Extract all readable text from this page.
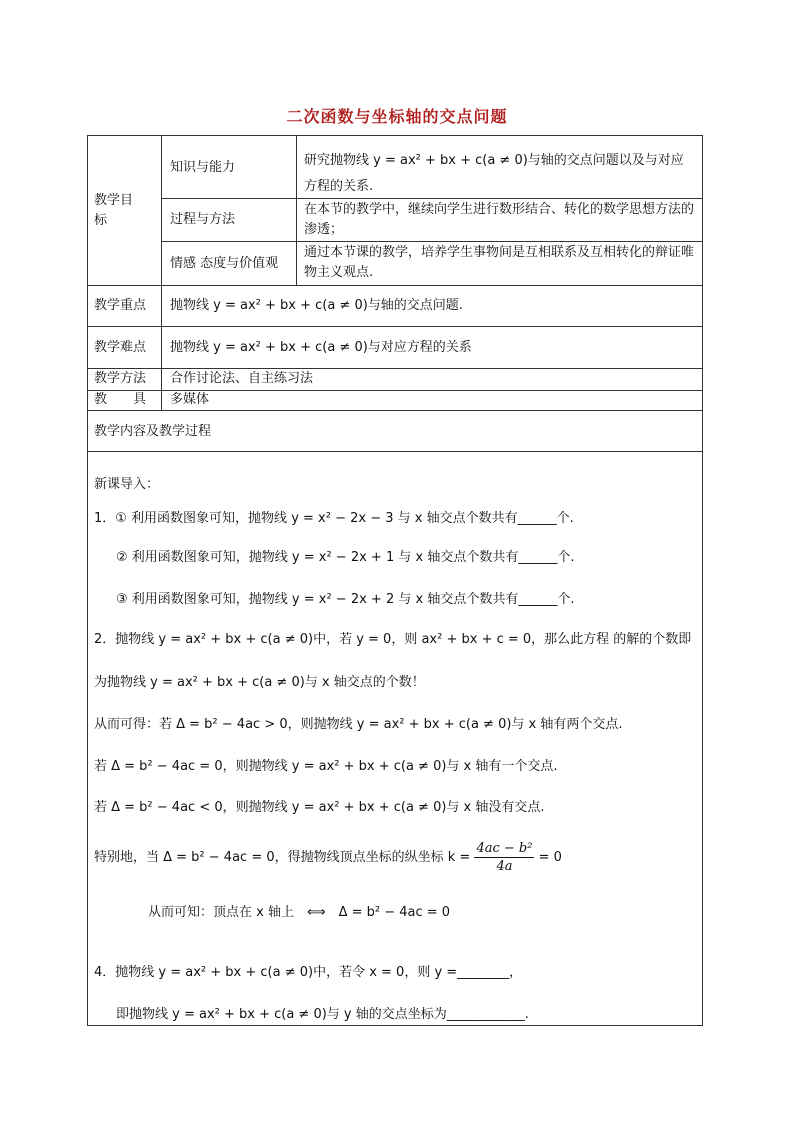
二次函数与坐标轴的交点问题
教学目标
知识与能力	研究抛物线 y = ax² + bx + c(a ≠ 0)与轴的交点问题以及与对应方程的关系.
过程与方法
在本节的教学中，继续向学生进行数形结合、转化的数学思想方法的渗透；
情感 态度与价值观
通过本节课的教学，培养学生事物间是互相联系及互相转化的辩证唯物主义观点.
教学重点 抛物线 y = ax² + bx + c(a ≠ 0)与轴的交点问题.
教学难点 抛物线 y = ax² + bx + c(a ≠ 0)与对应方程的关系
教学方法 合作讨论法、自主练习法
教　　具 多媒体
教学内容及教学过程
新课导入：
1．① 利用函数图象可知，抛物线 y = x² − 2x − 3 与 x 轴交点个数共有______个.
② 利用函数图象可知，抛物线 y = x² − 2x + 1 与 x 轴交点个数共有______个.
③ 利用函数图象可知，抛物线 y = x² − 2x + 2 与 x 轴交点个数共有______个.
2．抛物线 y = ax² + bx + c(a ≠ 0)中，若 y = 0，则 ax² + bx + c = 0，那么此方程 的解的个数即
为抛物线 y = ax² + bx + c(a ≠ 0)与 x 轴交点的个数！
从而可得：若 Δ = b² − 4ac > 0，则抛物线 y = ax² + bx + c(a ≠ 0)与 x 轴有两个交点.
若 Δ = b² − 4ac = 0，则抛物线 y = ax² + bx + c(a ≠ 0)与 x 轴有一个交点.
若 Δ = b² − 4ac < 0，则抛物线 y = ax² + bx + c(a ≠ 0)与 x 轴没有交点.
特别地，当 Δ = b² − 4ac = 0，得抛物线顶点坐标的纵坐标 $k = \frac{\text{4ac − b²}}{4a} = 0$
从而可知：顶点在 x 轴上　⟺　Δ = b² − 4ac = 0
4．抛物线 y = ax² + bx + c(a ≠ 0)中，若令 x = 0，则 y =________，
即抛物线 y = ax² + bx + c(a ≠ 0)与 y 轴的交点坐标为____________.
